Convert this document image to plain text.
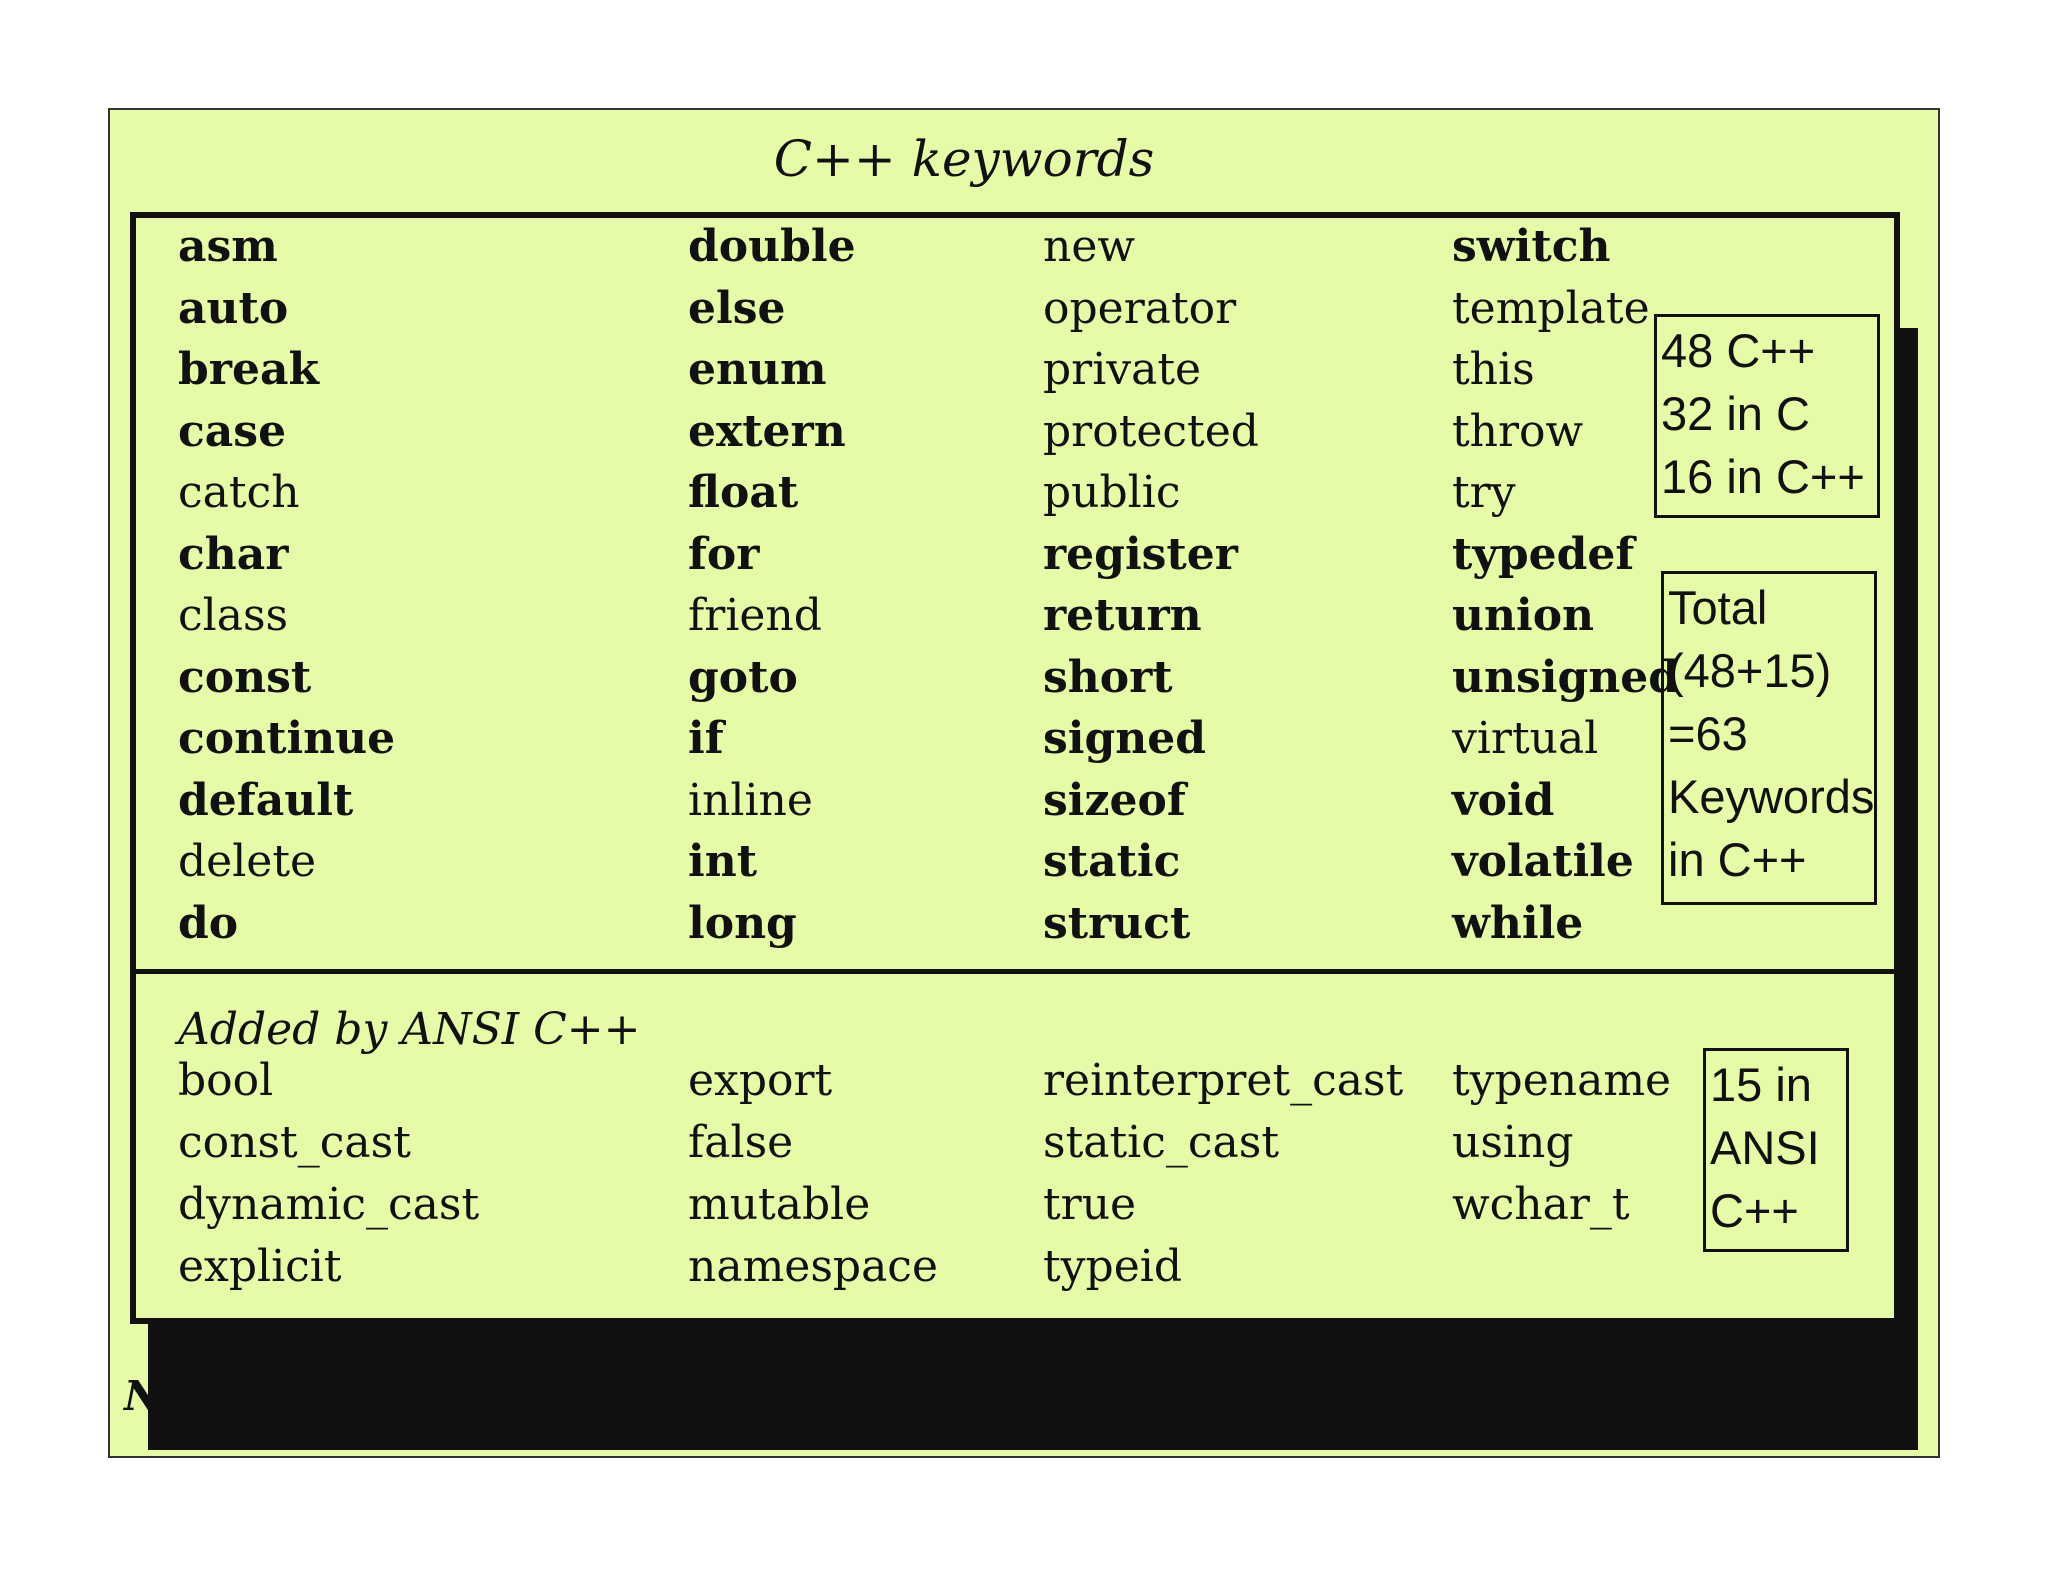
C++ keywords
asm
auto
break
case
catch
char
class
const
continue
default
delete
do
double
else
enum
extern
float
for
friend
goto
if
inline
int
long
new
operator
private
protected
public
register
return
short
signed
sizeof
static
struct
switch
template
this
throw
try
typedef
union
unsigned
virtual
void
volatile
while
48 C++
32 in C
16 in C++
Total
(48+15)
=63
Keywords
in C++
Added by ANSI C++
bool
const_cast
dynamic_cast
explicit
export
false
mutable
namespace
reinterpret_cast
static_cast
true
typeid
typename
using
wchar_t
15 in
ANSI
C++
Note: The ANSI C keywords are shown in bold face.
